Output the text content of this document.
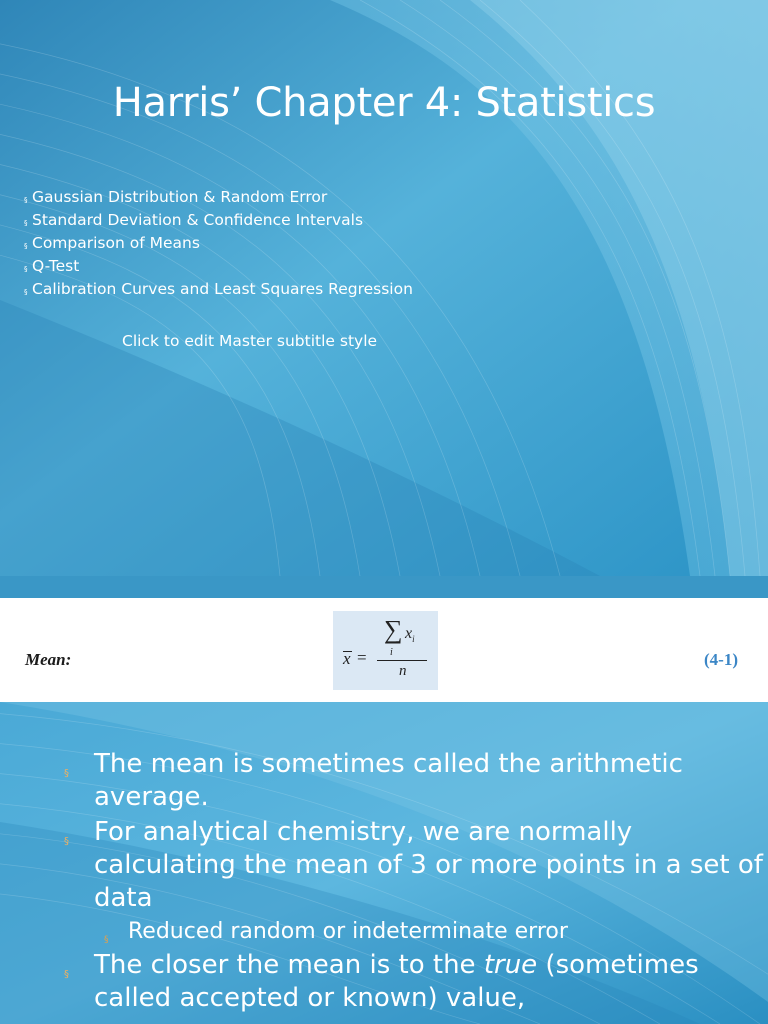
Harris’ Chapter 4: Statistics
§ Gaussian Distribution & Random Error
§ Standard Deviation & Confidence Intervals
§ Comparison of Means
§ Q-Test
§ Calibration Curves and Least Squares Regression
Click to edit Master subtitle style
Mean:	x =
∑
i
$x_i$
n
(4-1)
§ The mean is sometimes called the arithmetic average.
§ For analytical chemistry, we are normally calculating the mean of 3 or more points in a set of data
§ Reduced random or indeterminate error
§ The closer the mean is to the true (sometimes called accepted or known) value,
